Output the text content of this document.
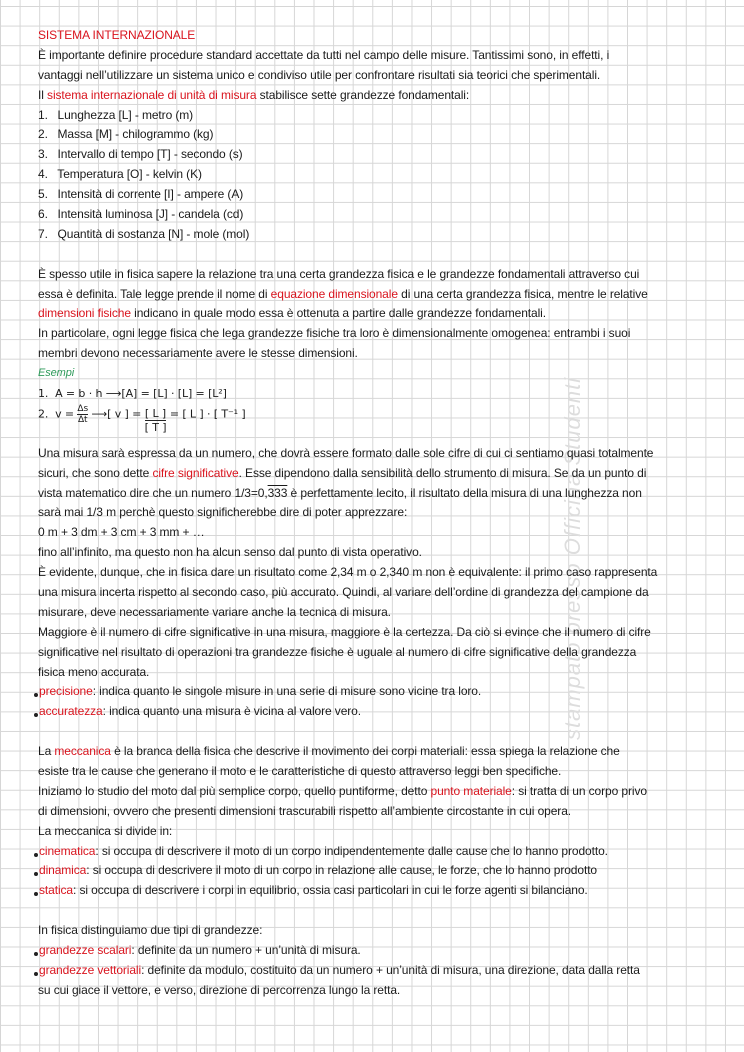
stampato presso Officina Studenti
SISTEMA INTERNAZIONALE
È importante definire procedure standard accettate da tutti nel campo delle misure. Tantissimi sono, in effetti, i
vantaggi nell’utilizzare un sistema unico e condiviso utile per confrontare risultati sia teorici che sperimentali.
Il sistema internazionale di unità di misura stabilisce sette grandezze fondamentali:
1.   Lunghezza [L] - metro (m)
2.   Massa [M] - chilogrammo (kg)
3.   Intervallo di tempo [T] - secondo (s)
4.   Temperatura [O] - kelvin (K)
5.   Intensità di corrente [I] - ampere (A)
6.   Intensità luminosa [J] - candela (cd)
7.   Quantità di sostanza [N] - mole (mol)
È spesso utile in fisica sapere la relazione tra una certa grandezza fisica e le grandezze fondamentali attraverso cui
essa è definita. Tale legge prende il nome di equazione dimensionale di una certa grandezza fisica, mentre le relative
dimensioni fisiche indicano in quale modo essa è ottenuta a partire dalle grandezze fondamentali.
In particolare, ogni legge fisica che lega grandezze fisiche tra loro è dimensionalmente omogenea: entrambi i suoi
membri devono necessariamente avere le stesse dimensioni.
Esempi
1.  A = b · h ⟶[A] = [L] · [L] = [L²]
2.  $v = \frac{\Delta s}{\Delta t}$ ⟶[ v ] = $\frac{[ L ]}{[ T ]}$ = [ L ] · [ T⁻¹ ]
Una misura sarà espressa da un numero, che dovrà essere formato dalle sole cifre di cui ci sentiamo quasi totalmente
sicuri, che sono dette cifre significative. Esse dipendono dalla sensibilità dello strumento di misura. Se da un punto di
vista matematico dire che un numero 1/3=0,333 è perfettamente lecito, il risultato della misura di una lunghezza non
sarà mai 1/3 m perchè questo significherebbe dire di poter apprezzare:
0 m + 3 dm + 3 cm + 3 mm + …
fino all’infinito, ma questo non ha alcun senso dal punto di vista operativo.
È evidente, dunque, che in fisica dare un risultato come 2,34 m o 2,340 m non è equivalente: il primo caso rappresenta
una misura incerta rispetto al secondo caso, più accurato. Quindi, al variare dell’ordine di grandezza del campione da
misurare, deve necessariamente variare anche la tecnica di misura.
Maggiore è il numero di cifre significative in una misura, maggiore è la certezza. Da ciò si evince che il numero di cifre
significative nel risultato di operazioni tra grandezze fisiche è uguale al numero di cifre significative della grandezza
fisica meno accurata.
precisione: indica quanto le singole misure in una serie di misure sono vicine tra loro.
accuratezza: indica quanto una misura è vicina al valore vero.
La meccanica è la branca della fisica che descrive il movimento dei corpi materiali: essa spiega la relazione che
esiste tra le cause che generano il moto e le caratteristiche di questo attraverso leggi ben specifiche.
Iniziamo lo studio del moto dal più semplice corpo, quello puntiforme, detto punto materiale: si tratta di un corpo privo
di dimensioni, ovvero che presenti dimensioni trascurabili rispetto all’ambiente circostante in cui opera.
La meccanica si divide in:
cinematica: si occupa di descrivere il moto di un corpo indipendentemente dalle cause che lo hanno prodotto.
dinamica: si occupa di descrivere il moto di un corpo in relazione alle cause, le forze, che lo hanno prodotto
statica: si occupa di descrivere i corpi in equilibrio, ossia casi particolari in cui le forze agenti si bilanciano.
In fisica distinguiamo due tipi di grandezze:
grandezze scalari: definite da un numero + un’unità di misura.
grandezze vettoriali: definite da modulo, costituito da un numero + un’unità di misura, una direzione, data dalla retta
su cui giace il vettore, e verso, direzione di percorrenza lungo la retta.
